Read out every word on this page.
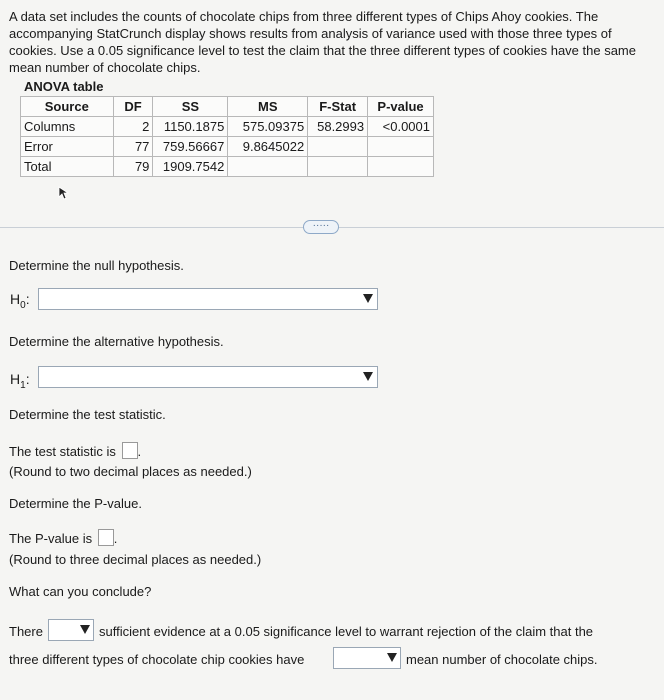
A data set includes the counts of chocolate chips from three different types of Chips Ahoy cookies. The accompanying StatCrunch display shows results from analysis of variance used with those three types of cookies. Use a 0.05 significance level to test the claim that the three different types of cookies have the same mean number of chocolate chips.
ANOVA table
Source	DF	SS	MS	F-Stat	P-value
Columns	2	1150.1875	575.09375	58.2993	<0.0001
Error	77	759.56667	9.8645022		
Total	79	1909.7542			
·····
Determine the null hypothesis.
$H_0$:
Determine the alternative hypothesis.
$H_1$:
Determine the test statistic.
The test statistic is .
(Round to two decimal places as needed.)
Determine the P-value.
The P-value is .
(Round to three decimal places as needed.)
What can you conclude?
There	sufficient evidence at a 0.05 significance level to warrant rejection of the claim that the
three different types of chocolate chip cookies have	mean number of chocolate chips.
